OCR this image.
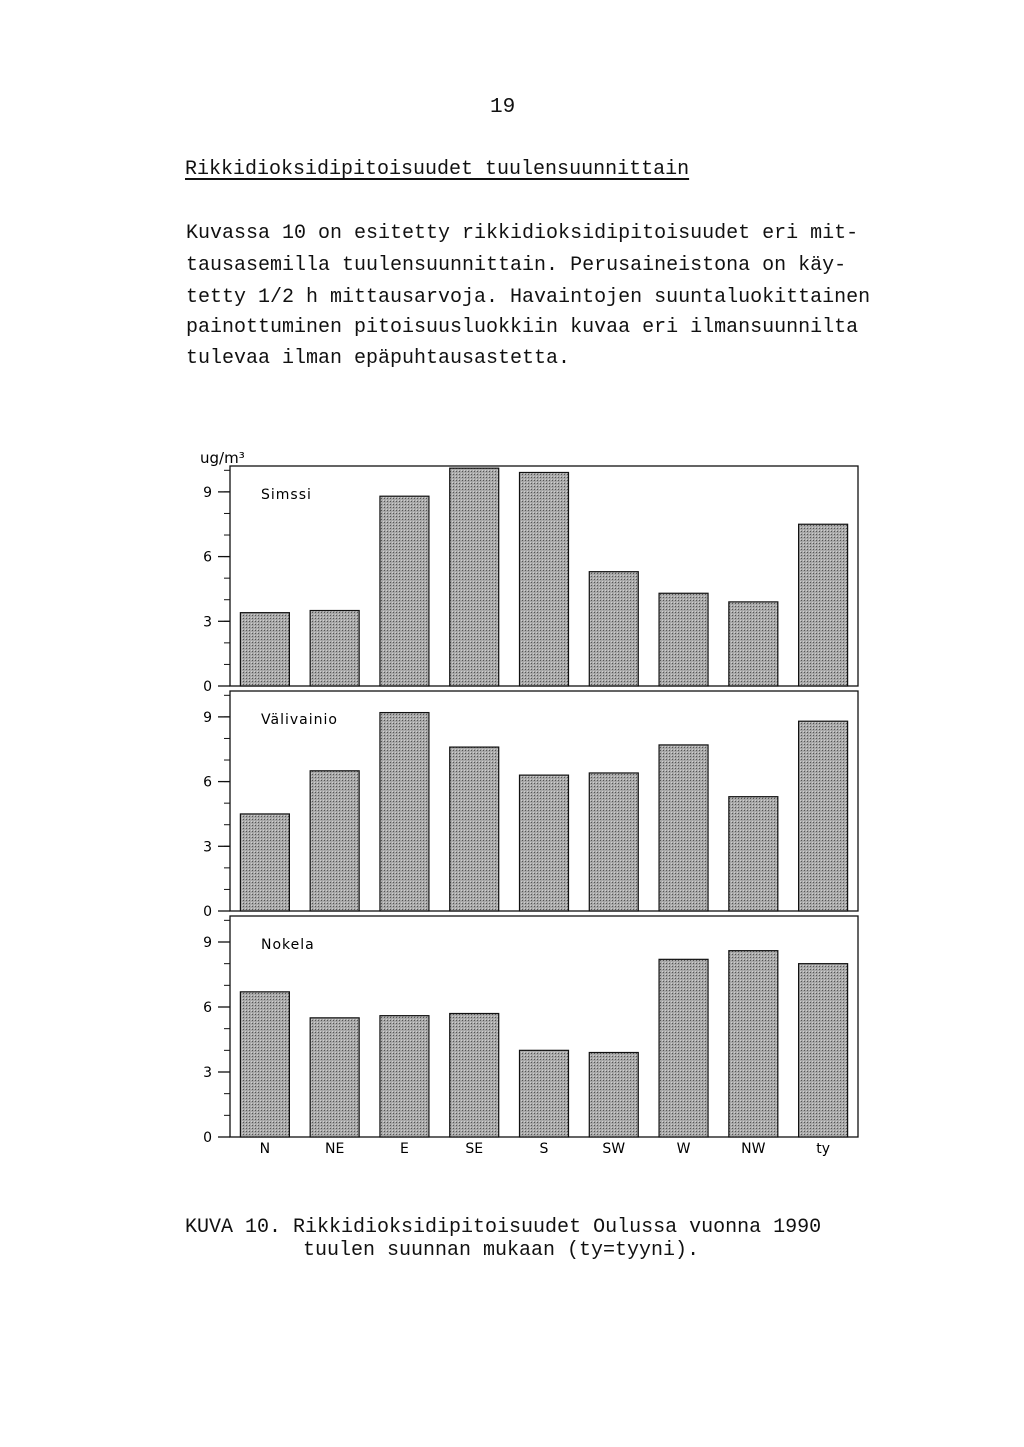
19
Rikkidioksidipitoisuudet tuulensuunnittain
Kuvassa 10 on esitetty rikkidioksidipitoisuudet eri mit-
tausasemilla tuulensuunnittain. Perusaineistona on käy-
tetty 1/2 h mittausarvoja. Havaintojen suuntaluokittainen
painottuminen pitoisuusluokkiin kuvaa eri ilmansuunnilta
tulevaa ilman epäpuhtausastetta.
ug/m³
0
3
6
9	Simssi
0
3
6
9	Välivainio
0
3
6
9	Nokela
N	NE	E	SE	S	SW	W	NW	ty
KUVA 10. Rikkidioksidipitoisuudet Oulussa vuonna 1990
tuulen suunnan mukaan (ty=tyyni).
